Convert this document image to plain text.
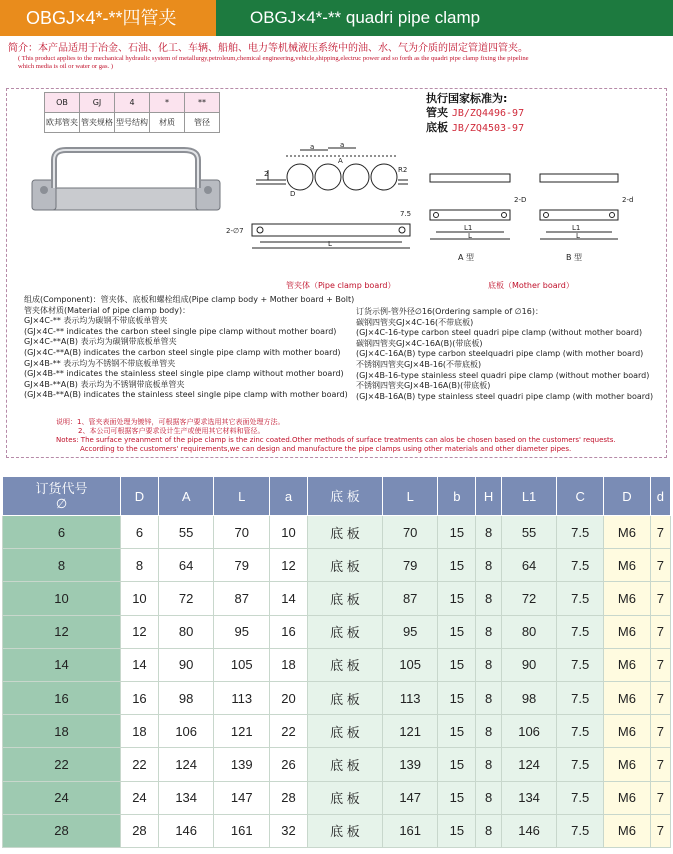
OBGJ×4*-**四管夹	OBGJ×4*-** quadri pipe clamp
简介：本产品适用于冶金、石油、化工、车辆、船舶、电力等机械液压系统中的油、水、气为介质的固定管道四管夹。
( This product applies to the mechanical hydraulic system of metallurgy,petroleum,chemical engineering,vehicle,shipping,electruc power and so forth as the quadri pipe clamp fixing the pipeline
which media is oil or water or gas. )
OB	GJ	4	*	**
欧邦管夹	管夹规格	型号结构	材质	管径
执行国家标准为:
管夹 JB/ZQ4496-97
底板 JB/ZQ4503-97
a	a
A
D
2	R2
2-∅7
L
7.5
2-D
L1
L
A 型
2-d
L1
L
B 型
管夹体（Pipe clamp board）	底板（Mother board）
组成(Component)：管夹体、底板和螺栓组成(Pipe clamp body + Mother board + Bolt)
管夹体材质(Material of pipe clamp body)：
GJ×4C-** 表示均为碳钢不带底板单管夹
(GJ×4C-** indicates the carbon steel single pipe clamp without mother board)
GJ×4C-**A(B) 表示均为碳钢带底板单管夹
(GJ×4C-**A(B) indicates the carbon steel single pipe clamp with mother board)
GJ×4B-** 表示均为不锈钢不带底板单管夹
(GJ×4B-** indicates the stainless steel single pipe clamp without mother board)
GJ×4B-**A(B) 表示均为不锈钢带底板单管夹
(GJ×4B-**A(B) indicates the stainless steel single pipe clamp with mother board)
订货示例-管外径∅16(Ordering sample of ∅16)：
碳钢四管夹GJ×4C-16(不带底板)
(GJ×4C-16-type carbon steel quadri pipe clamp (without mother board)
碳钢四管夹GJ×4C-16A(B)(带底板)
(GJ×4C-16A(B) type carbon steelquadri pipe clamp (with mother board)
不锈钢四管夹GJ×4B-16(不带底板)
(GJ×4B-16-type stainless steel quadri pipe clamp (without mother board)
不锈钢四管夹GJ×4B-16A(B)(带底板)
(GJ×4B-16A(B) type stainless steel quadri pipe clamp (with mother board)
说明：1、管夹表面处理为镀锌，可根据客户要求选用其它表面处理方法。
2、本公司可根据客户要求设计生产或使用其它材料和管径。
Notes: The surface yreanment of the pipe clamp is the zinc coated.Other methods of surface treatments can alos be chosen based on the customers' requests.
According to the customers' requirements,we can design and manufacture the pipe clamps using other materials and other diameter pipes.
订货代号
∅	D	A	L	a	底 板	L	b	H	L1	C	D	d
6	6	55	70	10	底 板	70	15	8	55	7.5	M6	7
8	8	64	79	12	底 板	79	15	8	64	7.5	M6	7
10	10	72	87	14	底 板	87	15	8	72	7.5	M6	7
12	12	80	95	16	底 板	95	15	8	80	7.5	M6	7
14	14	90	105	18	底 板	105	15	8	90	7.5	M6	7
16	16	98	113	20	底 板	113	15	8	98	7.5	M6	7
18	18	106	121	22	底 板	121	15	8	106	7.5	M6	7
22	22	124	139	26	底 板	139	15	8	124	7.5	M6	7
24	24	134	147	28	底 板	147	15	8	134	7.5	M6	7
28	28	146	161	32	底 板	161	15	8	146	7.5	M6	7
